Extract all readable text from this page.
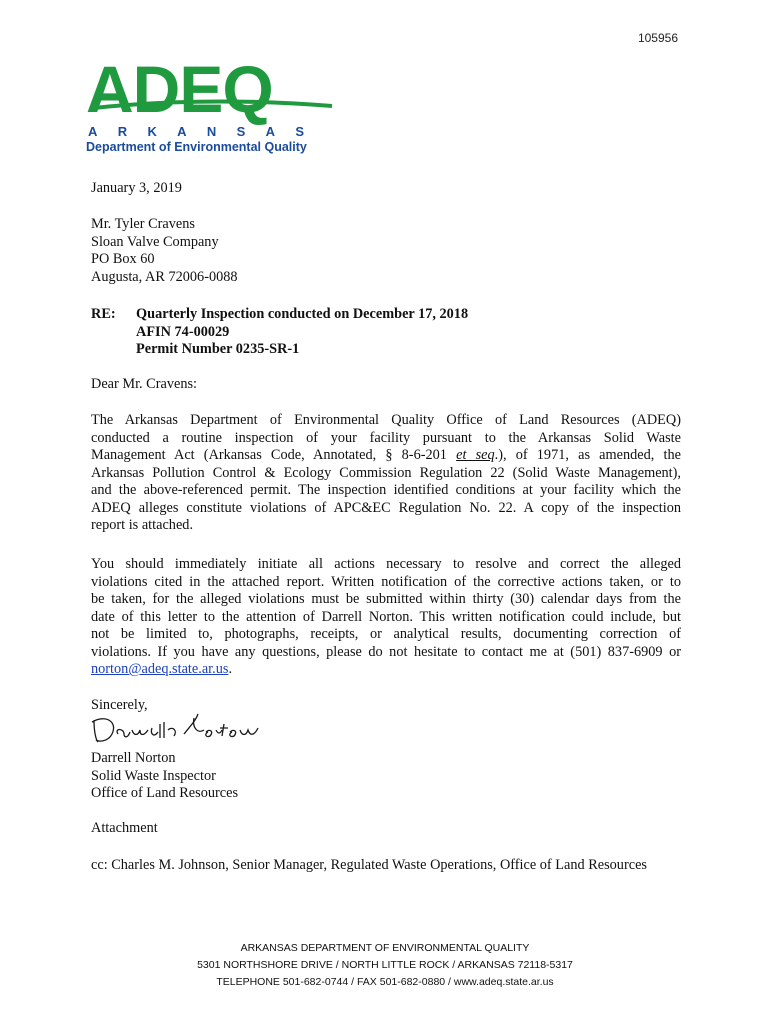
105956
ADEQ
A R K A N S A S
Department of Environmental Quality
January 3, 2019
Mr. Tyler Cravens
Sloan Valve Company
PO Box 60
Augusta, AR 72006-0088
RE: Quarterly Inspection conducted on December 17, 2018
AFIN 74-00029
Permit Number 0235-SR-1
Dear Mr. Cravens:
The Arkansas Department of Environmental Quality Office of Land Resources (ADEQ)
conducted a routine inspection of your facility pursuant to the Arkansas Solid Waste
Management Act (Arkansas Code, Annotated, § 8-6-201 et seq.), of 1971, as amended, the
Arkansas Pollution Control & Ecology Commission Regulation 22 (Solid Waste Management),
and the above-referenced permit. The inspection identified conditions at your facility which the
ADEQ alleges constitute violations of APC&EC Regulation No. 22. A copy of the inspection
report is attached.
You should immediately initiate all actions necessary to resolve and correct the alleged
violations cited in the attached report. Written notification of the corrective actions taken, or to
be taken, for the alleged violations must be submitted within thirty (30) calendar days from the
date of this letter to the attention of Darrell Norton. This written notification could include, but
not be limited to, photographs, receipts, or analytical results, documenting correction of
violations. If you have any questions, please do not hesitate to contact me at (501) 837-6909 or
norton@adeq.state.ar.us.
Sincerely,
Darrell Norton
Solid Waste Inspector
Office of Land Resources
Attachment
cc: Charles M. Johnson, Senior Manager, Regulated Waste Operations, Office of Land Resources
ARKANSAS DEPARTMENT OF ENVIRONMENTAL QUALITY
5301 NORTHSHORE DRIVE / NORTH LITTLE ROCK / ARKANSAS 72118-5317
TELEPHONE 501-682-0744 / FAX 501-682-0880 / www.adeq.state.ar.us
